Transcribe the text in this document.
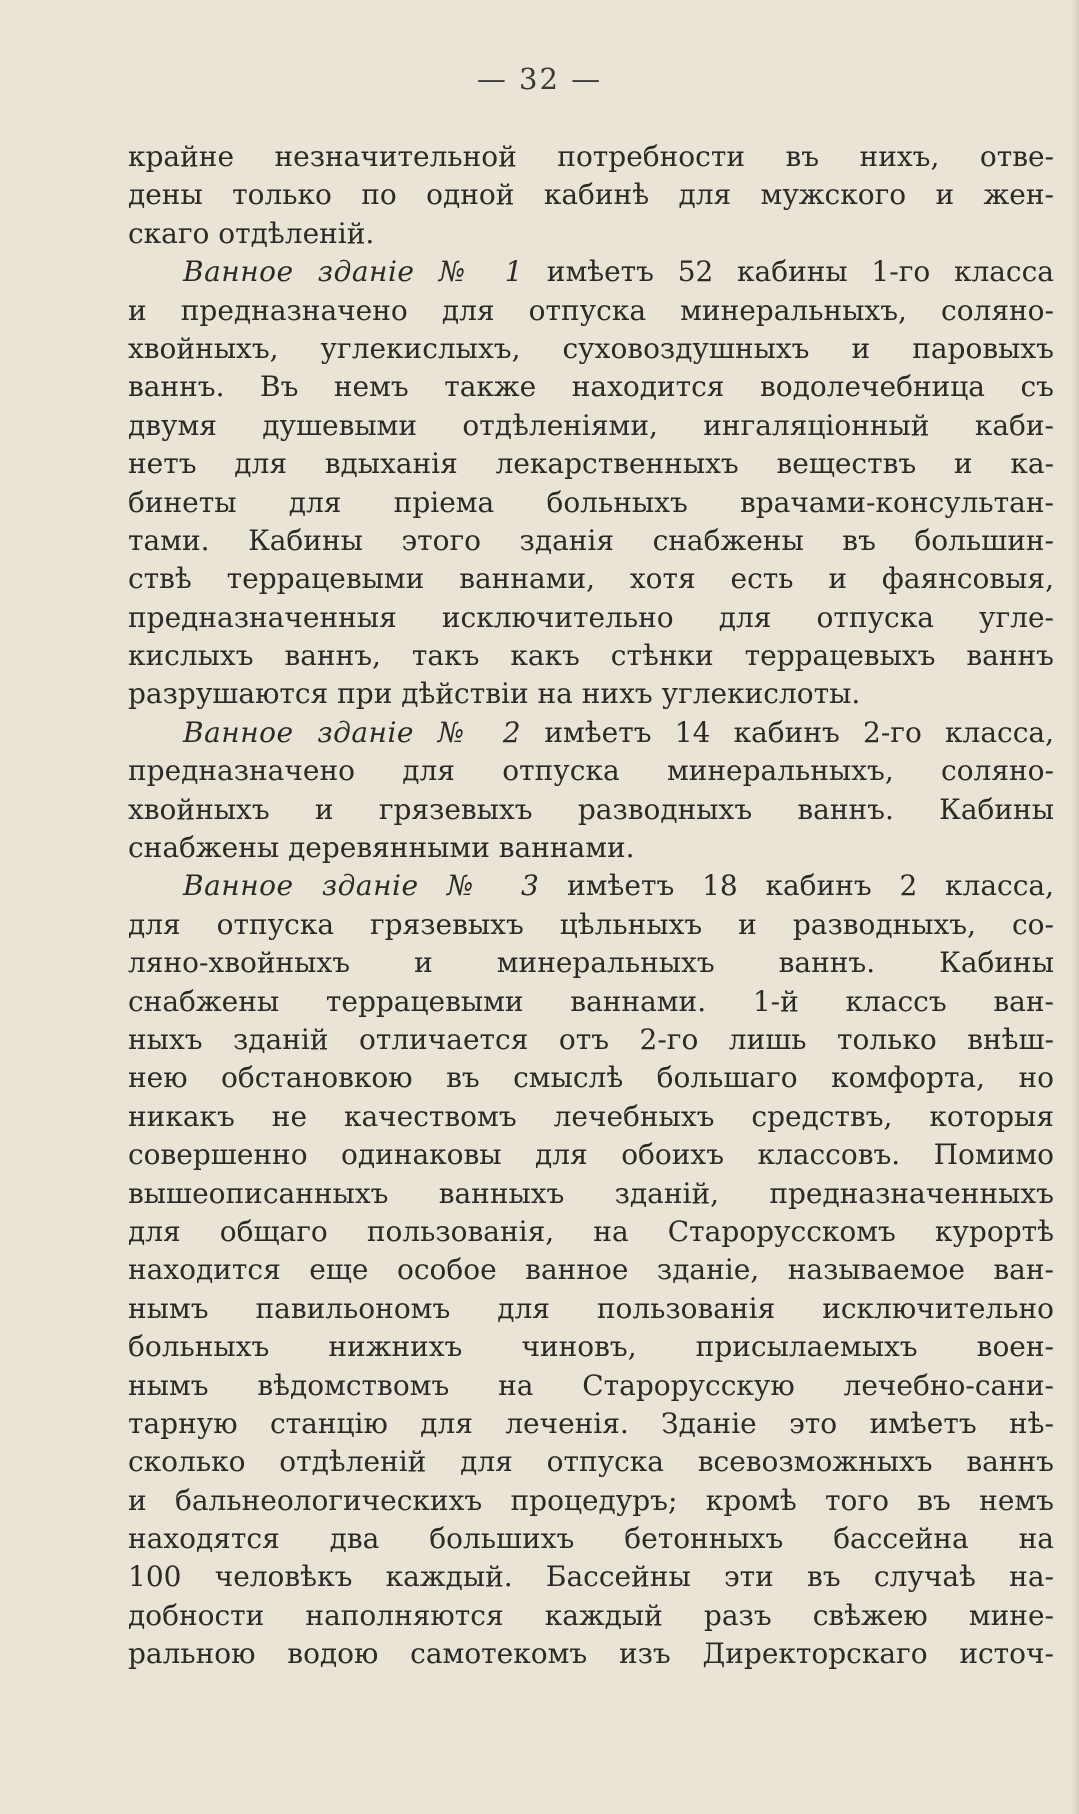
— 32 —
крайне незначительной потребности въ нихъ, отве-
дены только по одной кабинѣ для мужского и жен-
скаго отдѣленій.
Ванное зданіе № 1 имѣетъ 52 кабины 1-го класса
и предназначено для отпуска минеральныхъ, соляно-
хвойныхъ, углекислыхъ, суховоздушныхъ и паровыхъ
ваннъ. Въ немъ также находится водолечебница съ
двумя душевыми отдѣленіями, ингаляціонный каби-
нетъ для вдыханія лекарственныхъ веществъ и ка-
бинеты для пріема больныхъ врачами-консультан-
тами. Кабины этого зданія снабжены въ большин-
ствѣ террацевыми ваннами, хотя есть и фаянсовыя,
предназначенныя исключительно для отпуска угле-
кислыхъ ваннъ, такъ какъ стѣнки террацевыхъ ваннъ
разрушаются при дѣйствіи на нихъ углекислоты.
Ванное зданіе № 2 имѣетъ 14 кабинъ 2-го класса,
предназначено для отпуска минеральныхъ, соляно-
хвойныхъ и грязевыхъ разводныхъ ваннъ. Кабины
снабжены деревянными ваннами.
Ванное зданіе № 3 имѣетъ 18 кабинъ 2 класса,
для отпуска грязевыхъ цѣльныхъ и разводныхъ, со-
ляно-хвойныхъ и минеральныхъ ваннъ. Кабины
снабжены террацевыми ваннами. 1-й классъ ван-
ныхъ зданій отличается отъ 2-го лишь только внѣш-
нею обстановкою въ смыслѣ большаго комфорта, но
никакъ не качествомъ лечебныхъ средствъ, которыя
совершенно одинаковы для обоихъ классовъ. Помимо
вышеописанныхъ ванныхъ зданій, предназначенныхъ
для общаго пользованія, на Старорусскомъ курортѣ
находится еще особое ванное зданіе, называемое ван-
нымъ павильономъ для пользованія исключительно
больныхъ нижнихъ чиновъ, присылаемыхъ воен-
нымъ вѣдомствомъ на Старорусскую лечебно-сани-
тарную станцію для леченія. Зданіе это имѣетъ нѣ-
сколько отдѣленій для отпуска всевозможныхъ ваннъ
и бальнеологическихъ процедуръ; кромѣ того въ немъ
находятся два большихъ бетонныхъ бассейна на
100 человѣкъ каждый. Бассейны эти въ случаѣ на-
добности наполняются каждый разъ свѣжею мине-
ральною водою самотекомъ изъ Директорскаго источ-
